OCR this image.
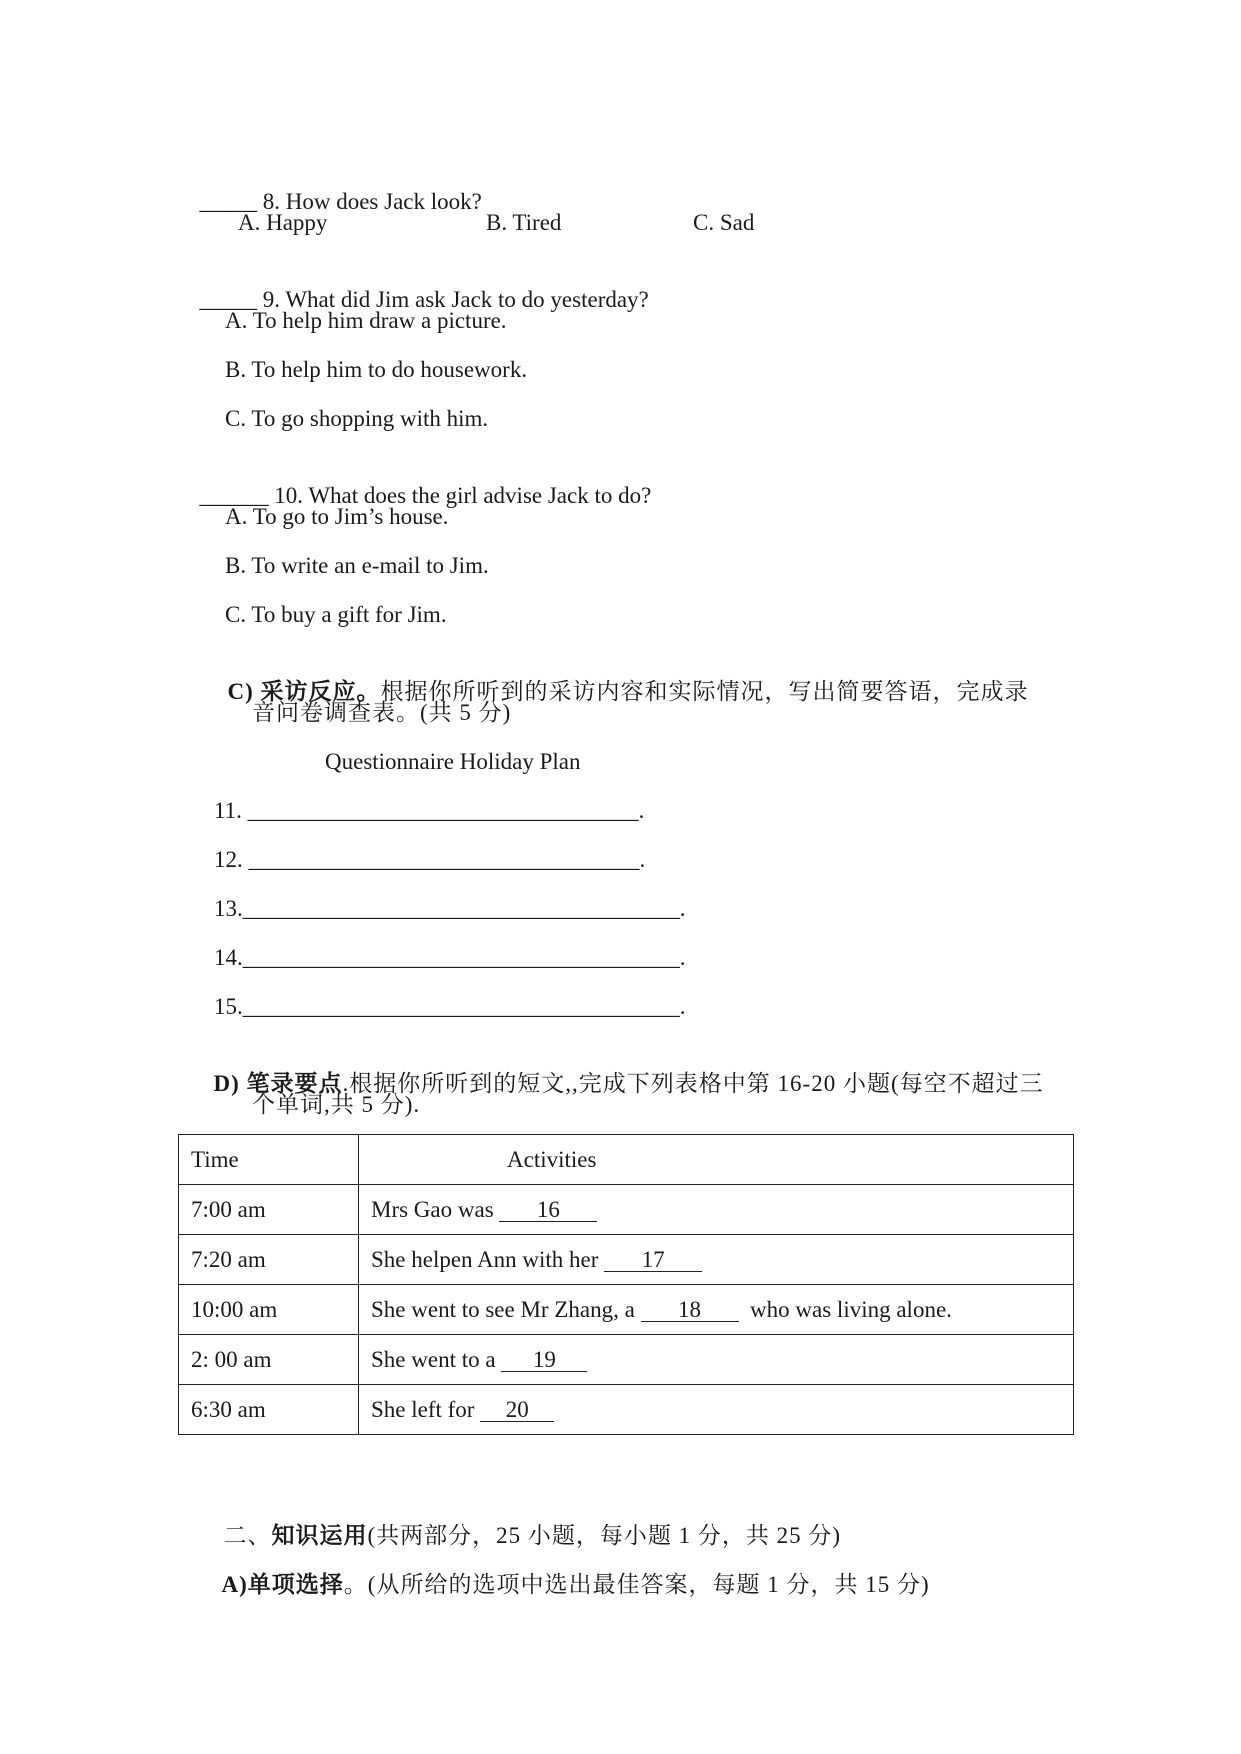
_____ 8. How does Jack look?

A. Happy

	B. Tired

	C. Sad

_____ 9. What did Jim ask Jack to do yesterday?

A. To help him draw a picture.
B. To help him to do housework.
C. To go shopping with him.

______ 10. What does the girl advise Jack to do?

A. To go to Jim’s house.
B. To write an e-mail to Jim.
C. To buy a gift for Jim.

C) 采访反应。根据你所听到的采访内容和实际情况，写出简要答语，完成录

音问卷调查表。(共 5 分)
Questionnaire Holiday Plan
11. __________________________________.
12. __________________________________.
13.______________________________________.
14.______________________________________.
15.______________________________________.

D) 笔录要点.根据你所听到的短文,,完成下列表格中第 16-20 小题(每空不超过三

个单词,共 5 分).
Time	Activities
7:00 am	Mrs Gao was 16
7:20 am	She helpen Ann with her 17
10:00 am	She went to see Mr Zhang, a 18  who was living alone.
2: 00 am	She went to a 19
6:30 am	She left for 20

二、知识运用(共两部分，25 小题，每小题 1 分，共 25 分)

A)单项选择。(从所给的选项中选出最佳答案，每题 1 分，共 15 分)
